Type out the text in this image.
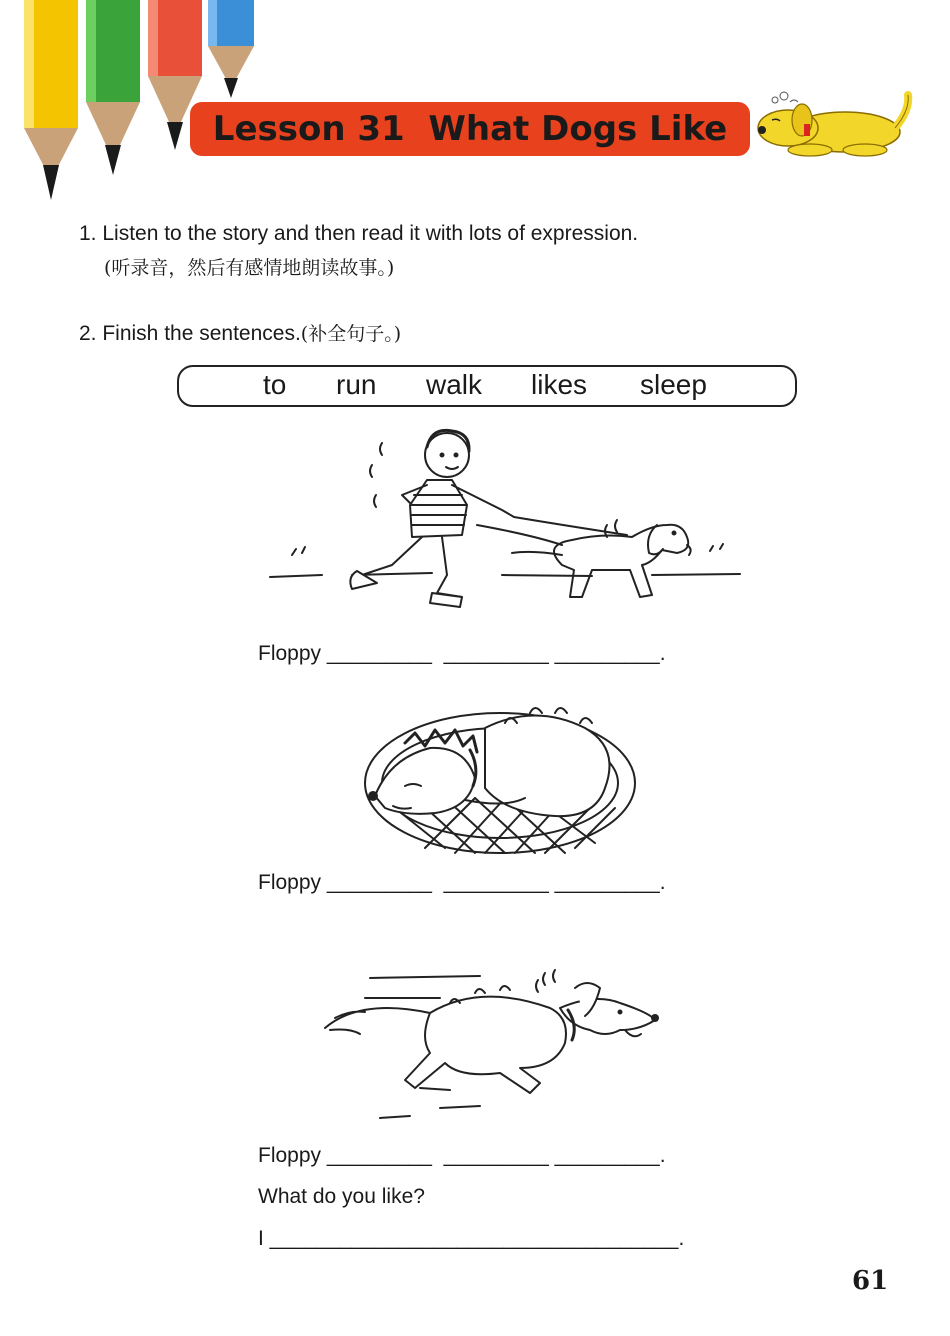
Lesson 31  What Dogs Like
1. Listen to the story and then read it with lots of expression.
(听录音，然后有感情地朗读故事。)
2. Finish the sentences.(补全句子。)
to run walk likes sleep
Floppy _________  _________ _________.
Floppy _________  _________ _________.
Floppy _________  _________ _________.
What do you like?
I ___________________________________.
61
